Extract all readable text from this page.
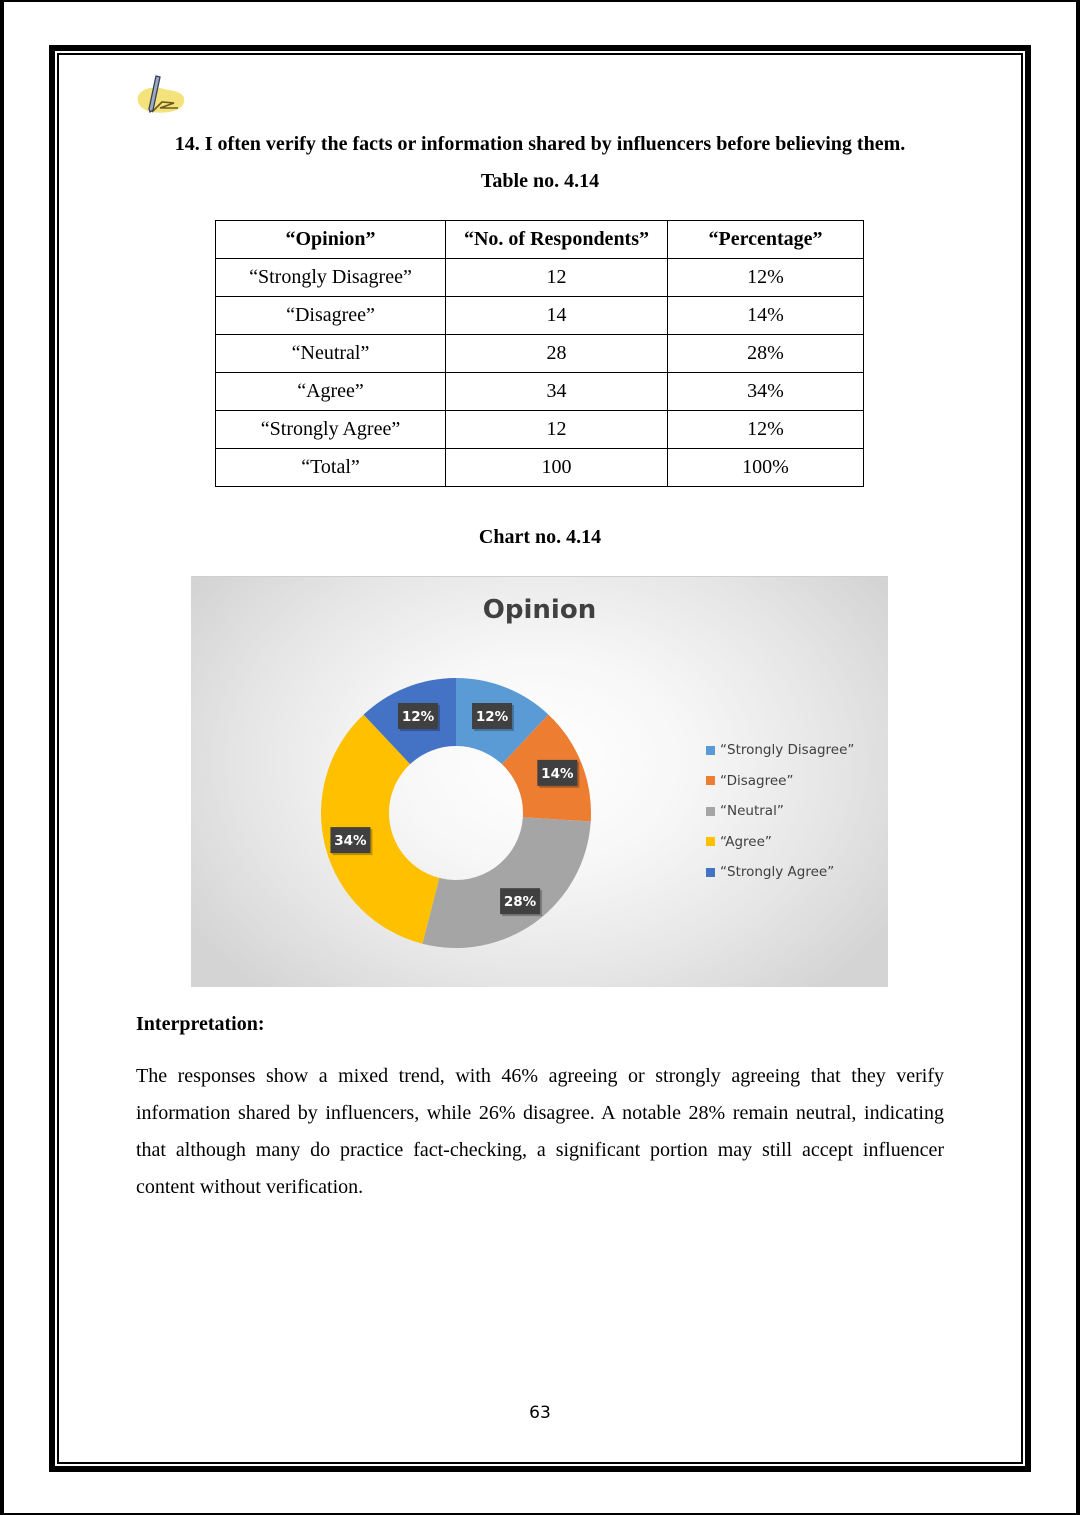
14. I often verify the facts or information shared by influencers before believing them.
Table no. 4.14
“Opinion”	“No. of Respondents”	“Percentage”
“Strongly Disagree”	12	12%
“Disagree”	14	14%
“Neutral”	28	28%
“Agree”	34	34%
“Strongly Agree”	12	12%
“Total”	100	100%
Chart no. 4.14
Opinion
12%
14%
28%
34%
12%
“Strongly Disagree”
“Disagree”
“Neutral”
“Agree”
“Strongly Agree”
Interpretation:
The responses show a mixed trend, with 46% agreeing or strongly agreeing that they verify information shared by influencers, while 26% disagree. A notable 28% remain neutral, indicating that although many do practice fact-checking, a significant portion may still accept influencer content without verification.
63
